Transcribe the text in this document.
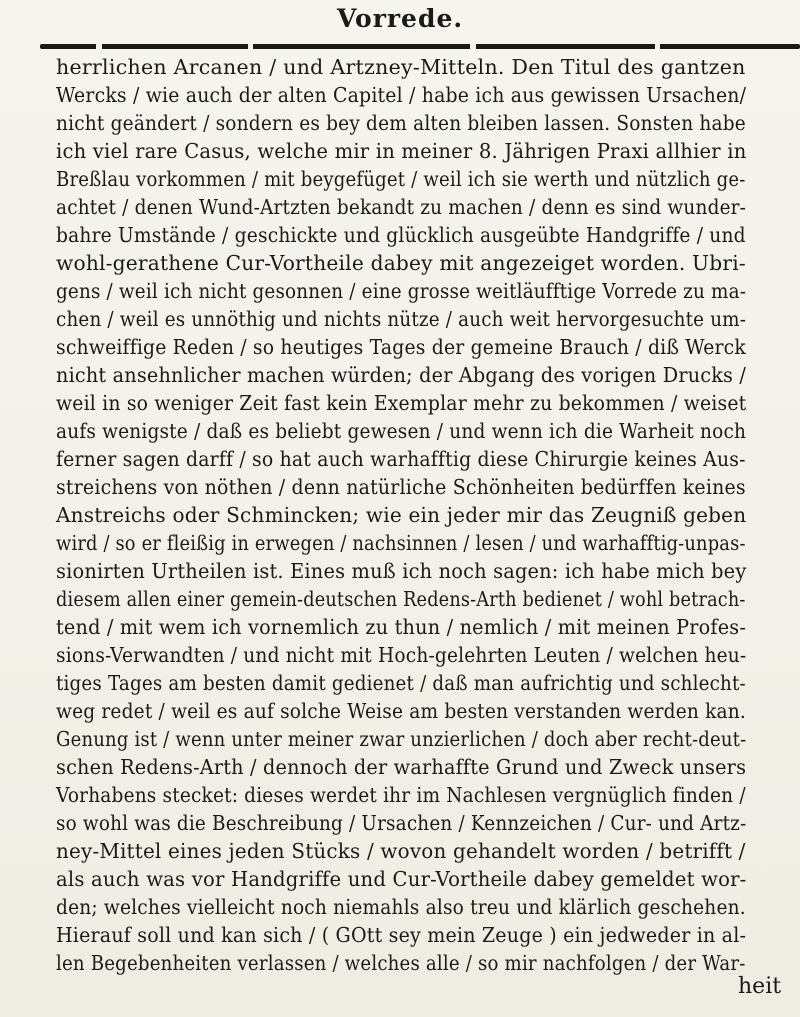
Vorrede.
herrlichen Arcanen / und Artzney-Mitteln. Den Titul des gantzen
Wercks / wie auch der alten Capitel / habe ich aus gewissen Ursachen/
nicht geändert / sondern es bey dem alten bleiben lassen. Sonsten habe
ich viel rare Casus, welche mir in meiner 8. Jährigen Praxi allhier in
Breßlau vorkommen / mit beygefüget / weil ich sie werth und nützlich ge-
achtet / denen Wund-Artzten bekandt zu machen / denn es sind wunder-
bahre Umstände / geschickte und glücklich ausgeübte Handgriffe / und
wohl-gerathene Cur-Vortheile dabey mit angezeiget worden. Ubri-
gens / weil ich nicht gesonnen / eine grosse weitläufftige Vorrede zu ma-
chen / weil es unnöthig und nichts nütze / auch weit hervorgesuchte um-
schweiffige Reden / so heutiges Tages der gemeine Brauch / diß Werck
nicht ansehnlicher machen würden; der Abgang des vorigen Drucks /
weil in so weniger Zeit fast kein Exemplar mehr zu bekommen / weiset
aufs wenigste / daß es beliebt gewesen / und wenn ich die Warheit noch
ferner sagen darff / so hat auch warhafftig diese Chirurgie keines Aus-
streichens von nöthen / denn natürliche Schönheiten bedürffen keines
Anstreichs oder Schmincken; wie ein jeder mir das Zeugniß geben
wird / so er fleißig in erwegen / nachsinnen / lesen / und warhafftig-unpas-
sionirten Urtheilen ist. Eines muß ich noch sagen: ich habe mich bey
diesem allen einer gemein-deutschen Redens-Arth bedienet / wohl betrach-
tend / mit wem ich vornemlich zu thun / nemlich / mit meinen Profes-
sions-Verwandten / und nicht mit Hoch-gelehrten Leuten / welchen heu-
tiges Tages am besten damit gedienet / daß man aufrichtig und schlecht-
weg redet / weil es auf solche Weise am besten verstanden werden kan.
Genung ist / wenn unter meiner zwar unzierlichen / doch aber recht-deut-
schen Redens-Arth / dennoch der warhaffte Grund und Zweck unsers
Vorhabens stecket: dieses werdet ihr im Nachlesen vergnüglich finden /
so wohl was die Beschreibung / Ursachen / Kennzeichen / Cur- und Artz-
ney-Mittel eines jeden Stücks / wovon gehandelt worden / betrifft /
als auch was vor Handgriffe und Cur-Vortheile dabey gemeldet wor-
den; welches vielleicht noch niemahls also treu und klärlich geschehen.
Hierauf soll und kan sich / ( GOtt sey mein Zeuge ) ein jedweder in al-
len Begebenheiten verlassen / welches alle / so mir nachfolgen / der War-
heit
